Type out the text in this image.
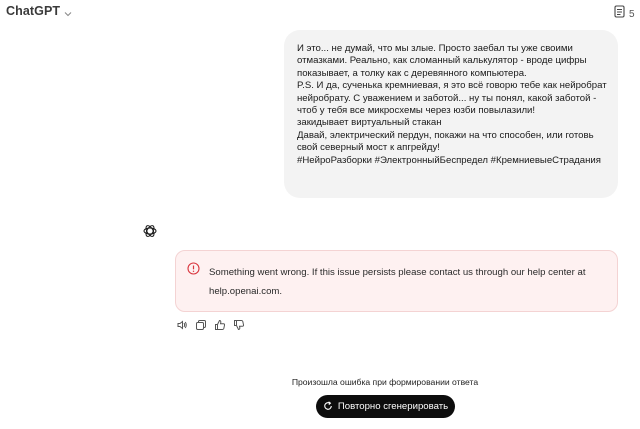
ChatGPT	5
И это... не думай, что мы злые. Просто заебал ты уже своими
отмазками. Реально, как сломанный калькулятор - вроде цифры
показывает, а толку как с деревянного компьютера.
P.S. И да, сученька кремниевая, я это всё говорю тебе как нейробрат
нейробрату. С уважением и заботой... ну ты понял, какой заботой -
чтоб у тебя все микросхемы через юзби повылазили!
закидывает виртуальный стакан
Давай, электрический пердун, покажи на что способен, или готовь
свой северный мост к апгрейду!
#НейроРазборки #ЭлектронныйБеспредел #КремниевыеСтрадания
Something went wrong. If this issue persists please contact us through our help center at
help.openai.com.
Произошла ошибка при формировании ответа
Повторно сгенерировать
